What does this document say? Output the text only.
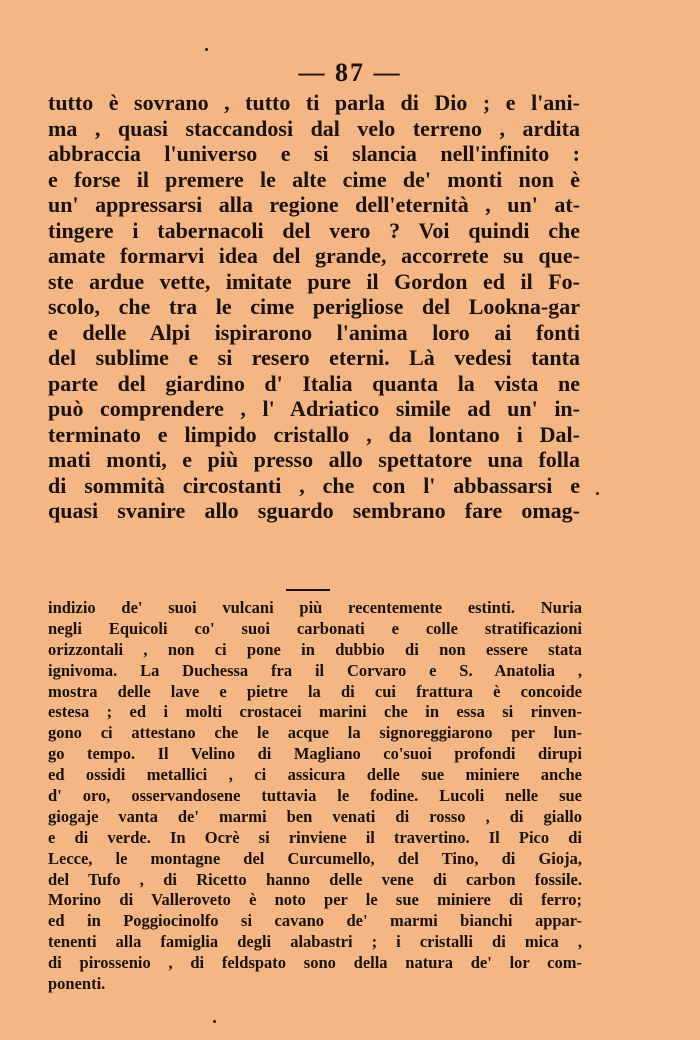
— 87 —
tutto è sovrano , tutto ti parla di Dio ; e l'ani-
ma , quasi staccandosi dal velo terreno , ardita
abbraccia l'universo e si slancia nell'infinito :
e forse il premere le alte cime de' monti non è
un' appressarsi alla regione dell'eternità , un' at-
tingere i tabernacoli del vero ? Voi quindi che
amate formarvi idea del grande, accorrete su que-
ste ardue vette, imitate pure il Gordon ed il Fo-
scolo, che tra le cime perigliose del Lookna-gar
e delle Alpi ispirarono l'anima loro ai fonti
del sublime e si resero eterni. Là vedesi tanta
parte del giardino d' Italia quanta la vista ne
può comprendere , l' Adriatico simile ad un' in-
terminato e limpido cristallo , da lontano i Dal-
mati monti, e più presso allo spettatore una folla
di sommità circostanti , che con l' abbassarsi e
quasi svanire allo sguardo sembrano fare omag-
indizio de' suoi vulcani più recentemente estinti. Nuria
negli Equicoli co' suoi carbonati e colle stratificazioni
orizzontali , non ci pone in dubbio di non essere stata
ignivoma. La Duchessa fra il Corvaro e S. Anatolia ,
mostra delle lave e pietre la di cui frattura è concoide
estesa ; ed i molti crostacei marini che in essa si rinven-
gono ci attestano che le acque la signoreggiarono per lun-
go tempo. Il Velino di Magliano co'suoi profondi dirupi
ed ossidi metallici , ci assicura delle sue miniere anche
d' oro, osservandosene tuttavia le fodine. Lucoli nelle sue
giogaje vanta de' marmi ben venati di rosso , di giallo
e di verde. In Ocrè si rinviene il travertino. Il Pico di
Lecce, le montagne del Curcumello, del Tino, di Gioja,
del Tufo , di Ricetto hanno delle vene di carbon fossile.
Morino di Valleroveto è noto per le sue miniere di ferro;
ed in Poggiocinolfo si cavano de' marmi bianchi appar-
tenenti alla famiglia degli alabastri ; i cristalli di mica ,
di pirossenio , di feldspato sono della natura de' lor com-
ponenti.
